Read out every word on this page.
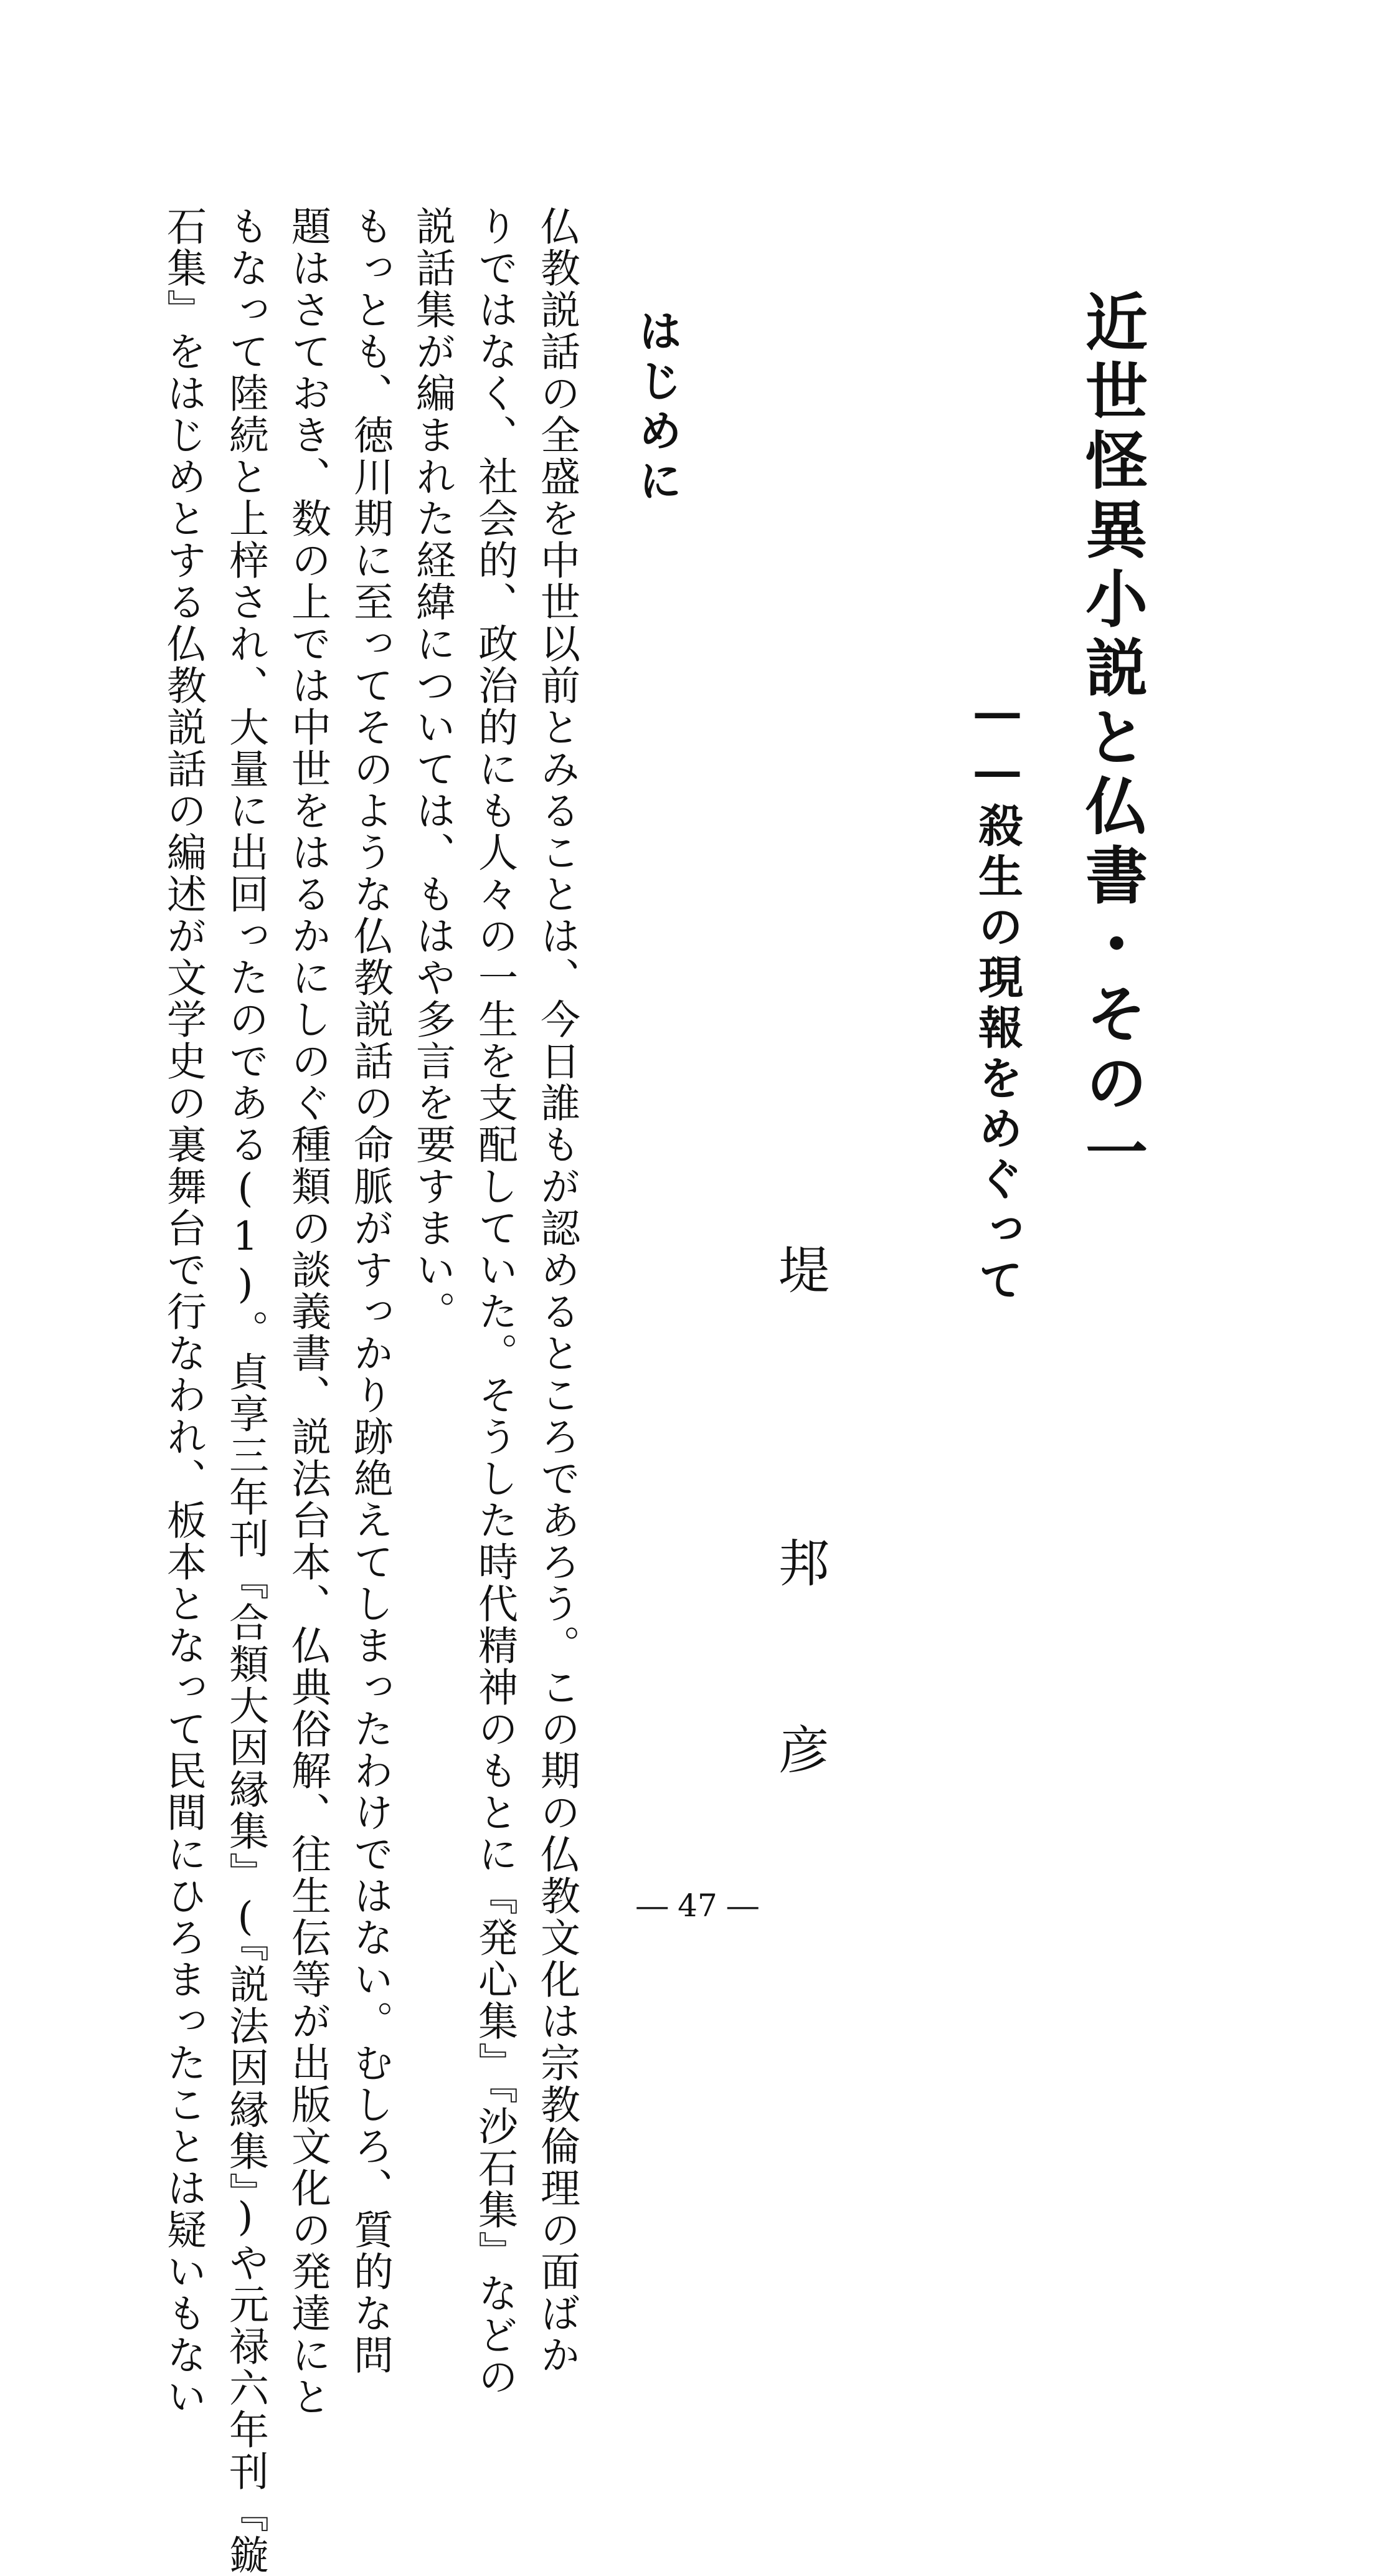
近世怪異小説と仏書・その一
――殺生の現報をめぐって

堤

邦

彦

はじめに

仏教説話の全盛を中世以前とみることは、今日誰もが認めるところであろう。この期の仏教文化は宗教倫理の面ばか

りではなく、社会的、政治的にも人々の一生を支配していた。そうした時代精神のもとに『発心集』『沙石集』などの

説話集が編まれた経緯については、もはや多言を要すまい。

もっとも、徳川期に至ってそのような仏教説話の命脈がすっかり跡絶えてしまったわけではない。むしろ、質的な問

題はさておき、数の上では中世をはるかにしのぐ種類の談義書、説法台本、仏典俗解、往生伝等が出版文化の発達にと

もなって陸続と上梓され、大量に出回ったのである(1)。貞享三年刊『合類大因縁集』(『説法因縁集』)や元禄六年刊『鏇

石集』をはじめとする仏教説話の編述が文学史の裏舞台で行なわれ、板本となって民間にひろまったことは疑いもない	― 47 ―
